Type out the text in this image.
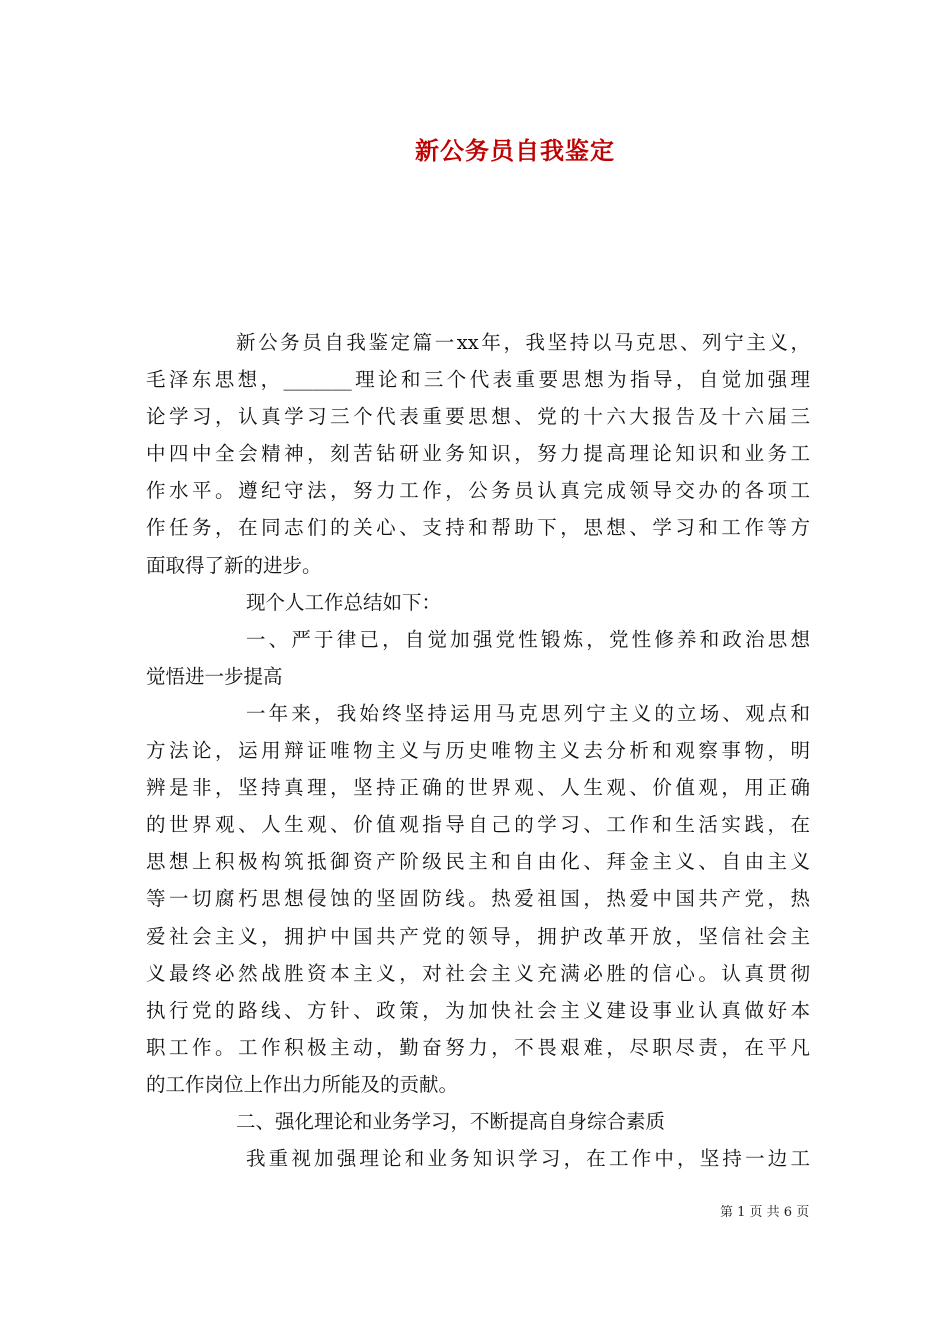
新公务员自我鉴定
新公务员自我鉴定篇一xx年，我坚持以马克思、列宁主义，
毛泽东思想，_______理论和三个代表重要思想为指导，自觉加强理
论学习，认真学习三个代表重要思想、党的十六大报告及十六届三
中四中全会精神，刻苦钻研业务知识，努力提高理论知识和业务工
作水平。遵纪守法，努力工作，公务员认真完成领导交办的各项工
作任务，在同志们的关心、支持和帮助下，思想、学习和工作等方
面取得了新的进步。
现个人工作总结如下：
一、严于律已，自觉加强党性锻炼，党性修养和政治思想
觉悟进一步提高
一年来，我始终坚持运用马克思列宁主义的立场、观点和
方法论，运用辩证唯物主义与历史唯物主义去分析和观察事物，明
辨是非，坚持真理，坚持正确的世界观、人生观、价值观，用正确
的世界观、人生观、价值观指导自己的学习、工作和生活实践，在
思想上积极构筑抵御资产阶级民主和自由化、拜金主义、自由主义
等一切腐朽思想侵蚀的坚固防线。热爱祖国，热爱中国共产党，热
爱社会主义，拥护中国共产党的领导，拥护改革开放，坚信社会主
义最终必然战胜资本主义，对社会主义充满必胜的信心。认真贯彻
执行党的路线、方针、政策，为加快社会主义建设事业认真做好本
职工作。工作积极主动，勤奋努力，不畏艰难，尽职尽责，在平凡
的工作岗位上作出力所能及的贡献。
二、强化理论和业务学习，不断提高自身综合素质
我重视加强理论和业务知识学习，在工作中，坚持一边工
第 1 页 共 6 页
